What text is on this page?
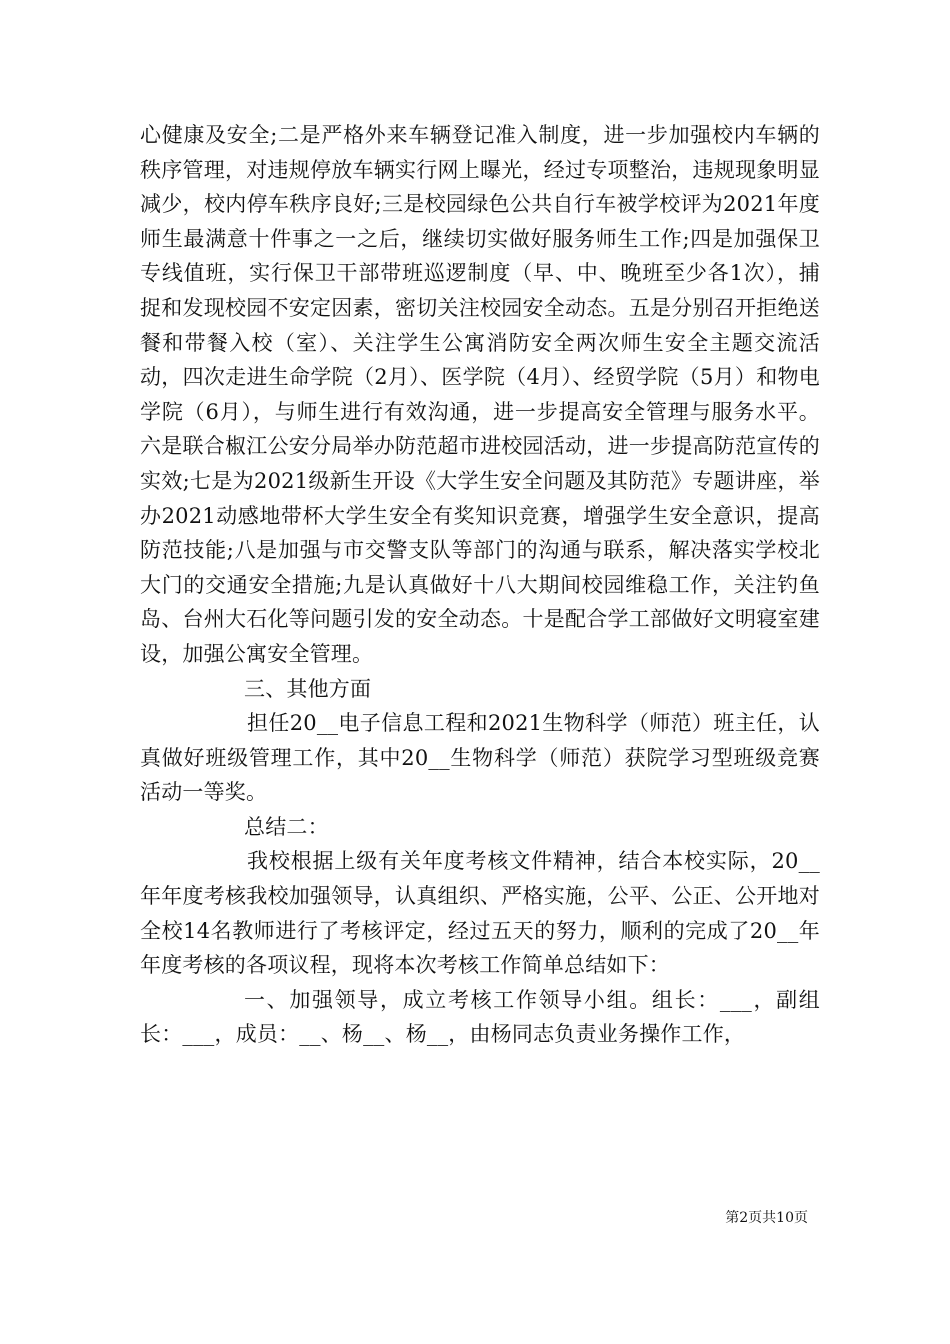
心健康及安全;二是严格外来车辆登记准入制度，进一步加强校内车辆的秩序管理，对违规停放车辆实行网上曝光，经过专项整治，违规现象明显减少，校内停车秩序良好;三是校园绿色公共自行车被学校评为2021年度师生最满意十件事之一之后，继续切实做好服务师生工作;四是加强保卫专线值班，实行保卫干部带班巡逻制度（早、中、晚班至少各1次），捕捉和发现校园不安定因素，密切关注校园安全动态。五是分别召开拒绝送餐和带餐入校（室）、关注学生公寓消防安全两次师生安全主题交流活动，四次走进生命学院（2月）、医学院（4月）、经贸学院（5月）和物电学院（6月），与师生进行有效沟通，进一步提高安全管理与服务水平。六是联合椒江公安分局举办防范超市进校园活动，进一步提高防范宣传的实效;七是为2021级新生开设《大学生安全问题及其防范》专题讲座，举办2021动感地带杯大学生安全有奖知识竞赛，增强学生安全意识，提高防范技能;八是加强与市交警支队等部门的沟通与联系，解决落实学校北大门的交通安全措施;九是认真做好十八大期间校园维稳工作，关注钓鱼岛、台州大石化等问题引发的安全动态。十是配合学工部做好文明寝室建设，加强公寓安全管理。

三、其他方面

担任20__电子信息工程和2021生物科学（师范）班主任，认真做好班级管理工作，其中20__生物科学（师范）获院学习型班级竞赛活动一等奖。

总结二：

我校根据上级有关年度考核文件精神，结合本校实际，20__年年度考核我校加强领导，认真组织、严格实施，公平、公正、公开地对全校14名教师进行了考核评定，经过五天的努力，顺利的完成了20__年年度考核的各项议程，现将本次考核工作简单总结如下：

一、加强领导，成立考核工作领导小组。组长：___，副组长：___，成员：__、杨__、杨__，由杨同志负责业务操作工作，

第2页共10页
